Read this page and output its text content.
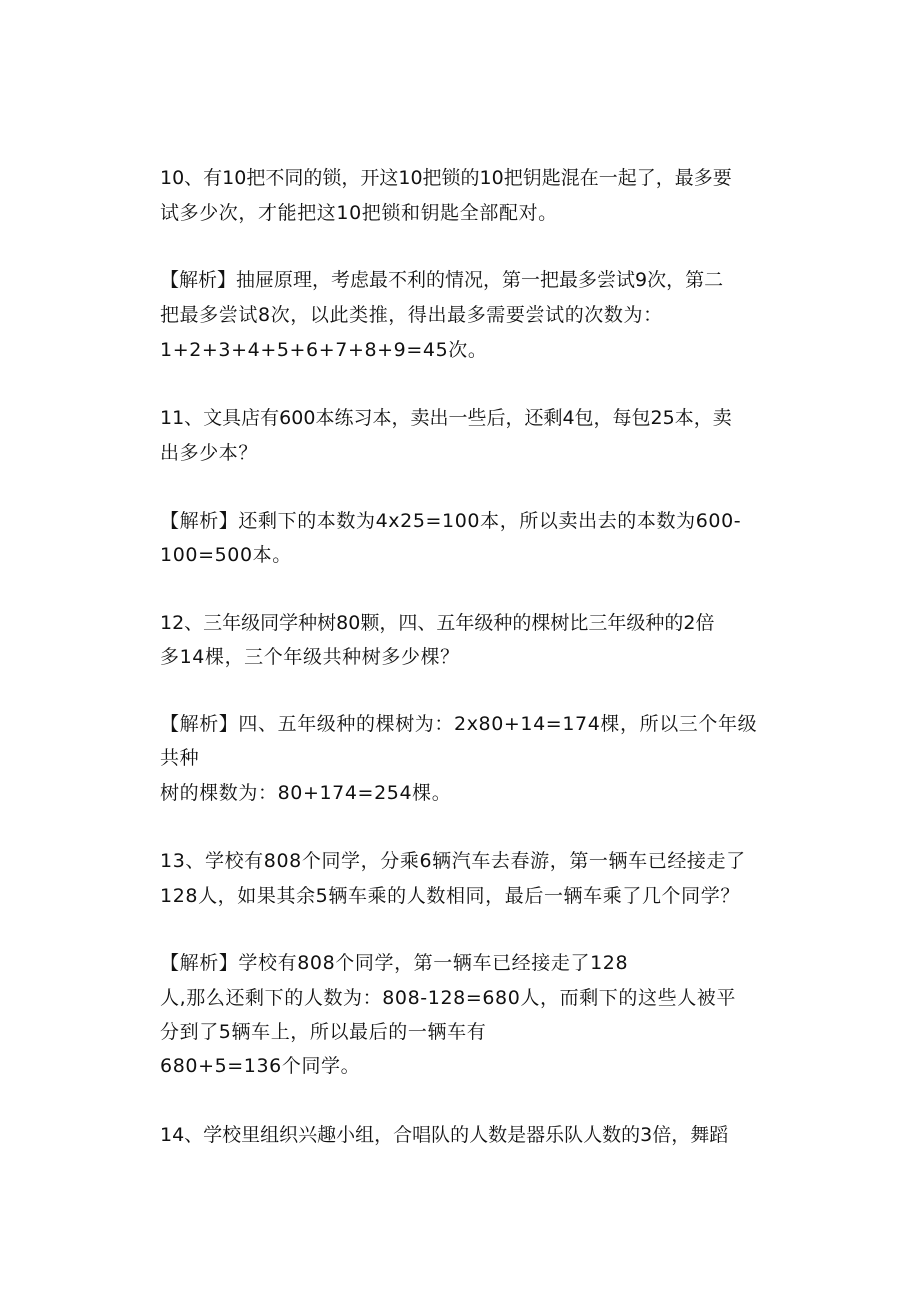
10、有10把不同的锁，开这10把锁的10把钥匙混在一起了，最多要
试多少次，才能把这10把锁和钥匙全部配对。
【解析】抽屉原理，考虑最不利的情况，第一把最多尝试9次，第二
把最多尝试8次，以此类推，得出最多需要尝试的次数为：
1+2+3+4+5+6+7+8+9=45次。
11、文具店有600本练习本，卖出一些后，还剩4包，每包25本，卖
出多少本？
【解析】还剩下的本数为4x25=100本，所以卖出去的本数为600-
100=500本。
12、三年级同学种树80颗，四、五年级种的棵树比三年级种的2倍
多14棵，三个年级共种树多少棵？
【解析】四、五年级种的棵树为：2x80+14=174棵，所以三个年级
共种
树的棵数为：80+174=254棵。
13、学校有808个同学，分乘6辆汽车去春游，第一辆车已经接走了
128人，如果其余5辆车乘的人数相同，最后一辆车乘了几个同学？
【解析】学校有808个同学，第一辆车已经接走了128
人,那么还剩下的人数为：808-128=680人，而剩下的这些人被平
分到了5辆车上，所以最后的一辆车有
680+5=136个同学。
14、学校里组织兴趣小组，合唱队的人数是器乐队人数的3倍，舞蹈
